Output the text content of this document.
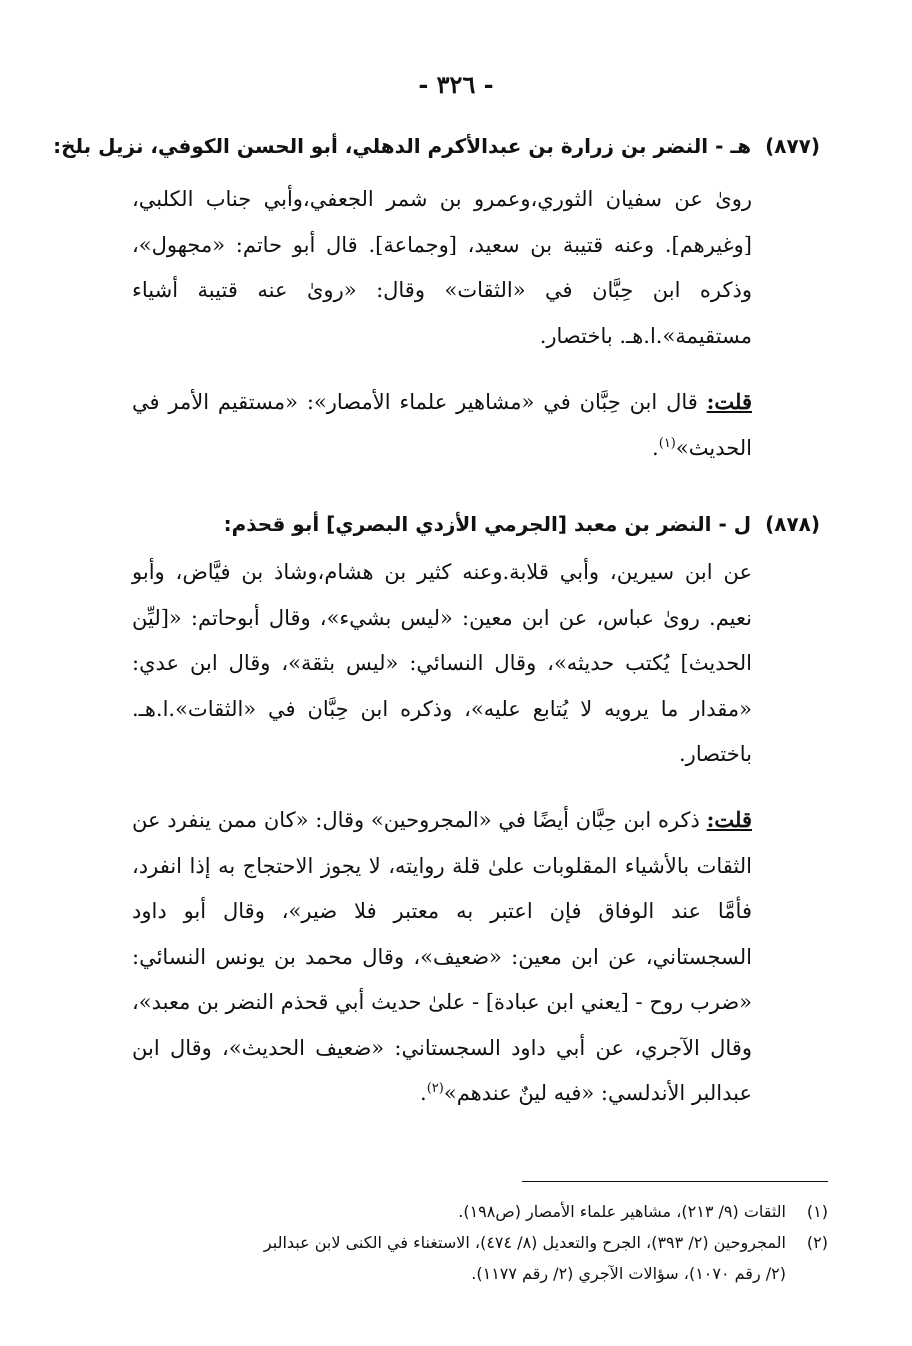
- ٣٢٦ -
(٨٧٧)هـ - النضر بن زرارة بن عبدالأكرم الدهلي، أبو الحسن الكوفي، نزيل بلخ:
روىٰ عن سفيان الثوري،وعمرو بن شمر الجعفي،وأبي جناب الكلبي، [وغيرهم]. وعنه قتيبة بن سعيد، [وجماعة]. قال أبو حاتم: «مجهول»، وذكره ابن حِبَّان في «الثقات» وقال: «روىٰ عنه قتيبة أشياء مستقيمة».ا.هـ. باختصار.
قلت: قال ابن حِبَّان في «مشاهير علماء الأمصار»: «مستقيم الأمر في الحديث»$^{(١)}$.
(٨٧٨)ل - النضر بن معبد [الجرمي الأزدي البصري] أبو قحذم:
عن ابن سيرين، وأبي قلابة.وعنه كثير بن هشام،وشاذ بن فيَّاض، وأبو نعيم. روىٰ عباس، عن ابن معين: «ليس بشيء»، وقال أبوحاتم: «[ليِّن الحديث] يُكتب حديثه»، وقال النسائي: «ليس بثقة»، وقال ابن عدي: «مقدار ما يرويه لا يُتابع عليه»، وذكره ابن حِبَّان في «الثقات».ا.هـ. باختصار.
قلت: ذكره ابن حِبَّان أيضًا في «المجروحين» وقال: «كان ممن ينفرد عن الثقات بالأشياء المقلوبات علىٰ قلة روايته، لا يجوز الاحتجاج به إذا انفرد، فأمَّا عند الوفاق فإن اعتبر به معتبر فلا ضير»، وقال أبو داود السجستاني، عن ابن معين: «ضعيف»، وقال محمد بن يونس النسائي: «ضرب روح - [يعني ابن عبادة] - علىٰ حديث أبي قحذم النضر بن معبد»، وقال الآجري، عن أبي داود السجستاني: «ضعيف الحديث»، وقال ابن عبدالبر الأندلسي: «فيه لينٌ عندهم»$^{(٢)}$.
(١)الثقات (٩/ ٢١٣)، مشاهير علماء الأمصار (ص١٩٨).
(٢)المجروحين (٢/ ٣٩٣)، الجرح والتعديل (٨/ ٤٧٤)، الاستغناء في الكنى لابن عبدالبر
(٢/ رقم ١٠٧٠)، سؤالات الآجري (٢/ رقم ١١٧٧).
